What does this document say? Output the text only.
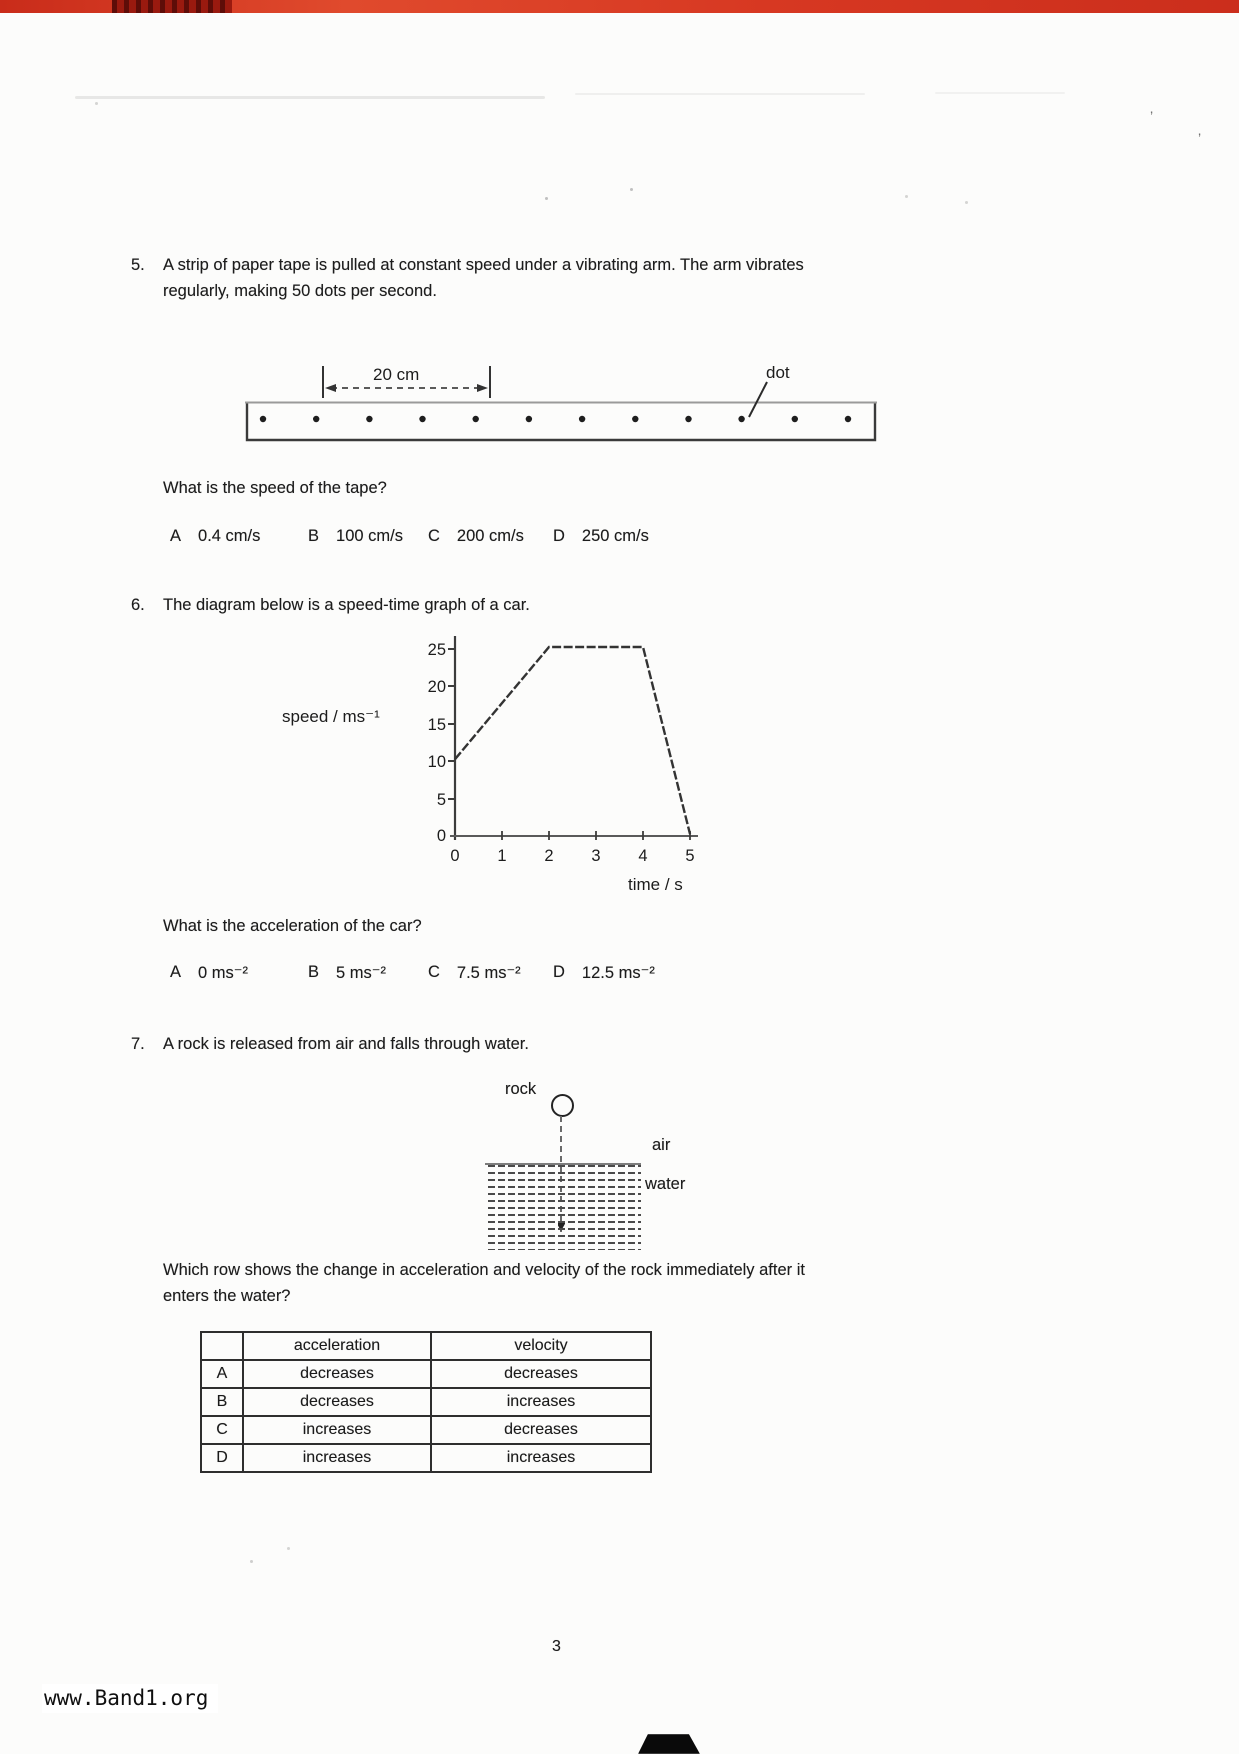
’
’
5. A strip of paper tape is pulled at constant speed under a vibrating arm. The arm vibrates
regularly, making 50 dots per second.
20 cm	dot
What is the speed of the tape?
A 0.4 cm/s	B 100 cm/s C 200 cm/s D 250 cm/s
6. The diagram below is a speed-time graph of a car.
25
20
15
10
5
0
0 1 2 3 4 5
speed / ms⁻¹
time / s
What is the acceleration of the car?
A 0 ms⁻²	B 5 ms⁻²	C 7.5 ms⁻² D 12.5 ms⁻²
7. A rock is released from air and falls through water.
rock
air
water
Which row shows the change in acceleration and velocity of the rock immediately after it
enters the water?
	acceleration	velocity
A	decreases	decreases
B	decreases	increases
C	increases	decreases
D	increases	increases
3
www.Band1.org
